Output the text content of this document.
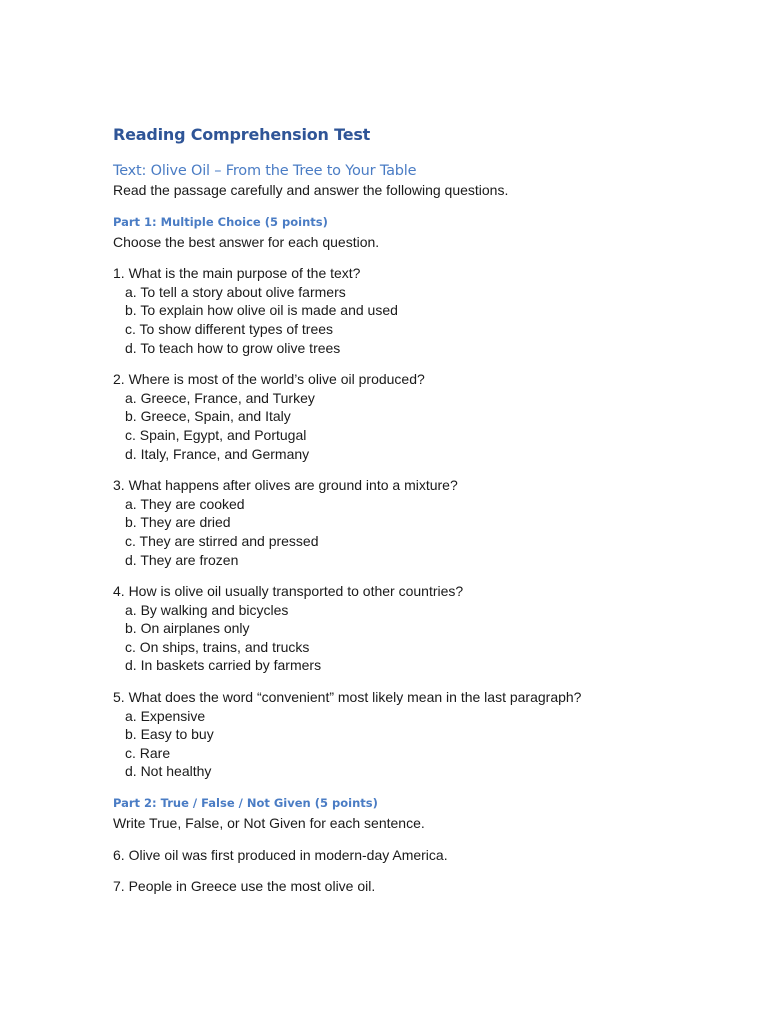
Reading Comprehension Test
Text: Olive Oil – From the Tree to Your Table

Read the passage carefully and answer the following questions.

Part 1: Multiple Choice (5 points)

Choose the best answer for each question.

1. What is the main purpose of the text?

a. To tell a story about olive farmers
b. To explain how olive oil is made and used
c. To show different types of trees
d. To teach how to grow olive trees

2. Where is most of the world’s olive oil produced?

a. Greece, France, and Turkey
b. Greece, Spain, and Italy
c. Spain, Egypt, and Portugal
d. Italy, France, and Germany

3. What happens after olives are ground into a mixture?

a. They are cooked
b. They are dried
c. They are stirred and pressed
d. They are frozen

4. How is olive oil usually transported to other countries?

a. By walking and bicycles
b. On airplanes only
c. On ships, trains, and trucks
d. In baskets carried by farmers

5. What does the word “convenient” most likely mean in the last paragraph?

a. Expensive
b. Easy to buy
c. Rare
d. Not healthy
Part 2: True / False / Not Given (5 points)

Write True, False, or Not Given for each sentence.

6. Olive oil was first produced in modern-day America.

7. People in Greece use the most olive oil.
